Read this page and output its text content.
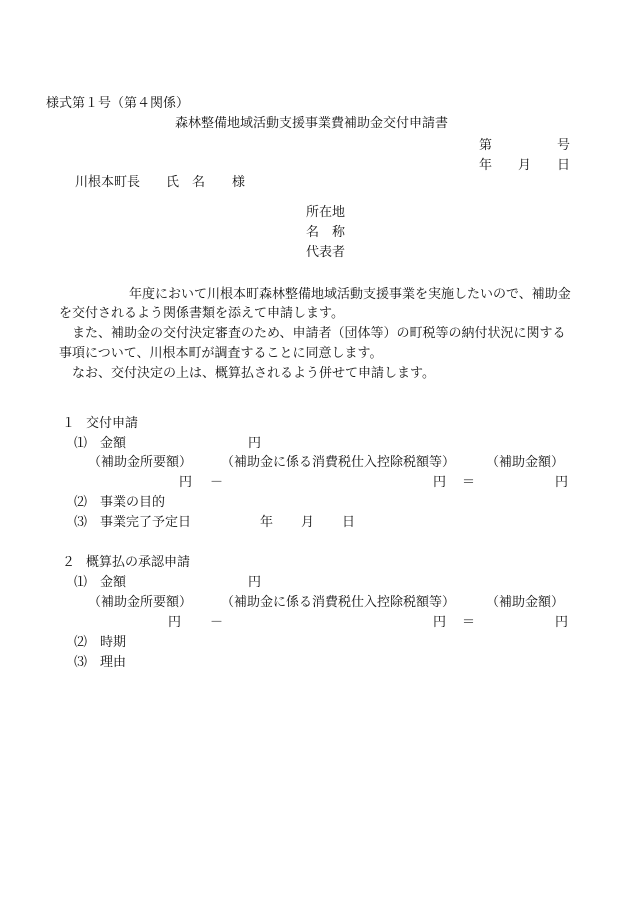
様式第１号（第４関係）
森林整備地域活動支援事業費補助金交付申請書
第	号
年 月 日
川根本町長 氏　名 様
所在地
名　称
代表者
年度において川根本町森林整備地域活動支援事業を実施したいので、補助金
を交付されるよう関係書類を添えて申請します。
また、補助金の交付決定審査のため、申請者（団体等）の町税等の納付状況に関する
事項について、川根本町が調査することに同意します。
なお、交付決定の上は、概算払されるよう併せて申請します。
１ 交付申請
⑴ 金額	円
（補助金所要額） （補助金に係る消費税仕入控除税額等） （補助金額）
円 －	円 ＝	円
⑵ 事業の目的
⑶ 事業完了予定日	年 月 日
２ 概算払の承認申請
⑴ 金額	円
（補助金所要額） （補助金に係る消費税仕入控除税額等） （補助金額）
円 －	円 ＝	円
⑵ 時期
⑶ 理由
